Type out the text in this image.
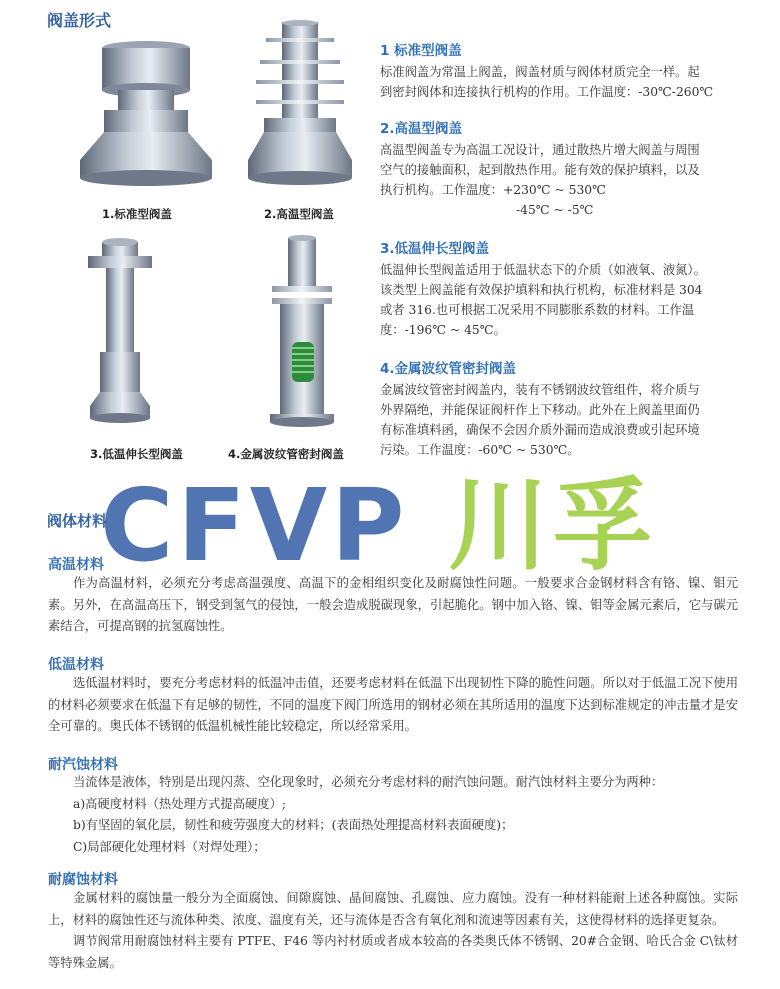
阀盖形式
1.标准型阀盖	2.高温型阀盖
3.低温伸长型阀盖	4.金属波纹管密封阀盖
1 标准型阀盖

标准阀盖为常温上阀盖，阀盖材质与阀体材质完全一样。起

到密封阀体和连接执行机构的作用。工作温度：-30℃-260℃

2.高温型阀盖

高温型阀盖专为高温工况设计，通过散热片增大阀盖与周围

空气的接触面积，起到散热作用。能有效的保护填料，以及

执行机构。工作温度：+230℃ ~ 530℃

-45℃ ~ -5℃

3.低温伸长型阀盖

低温伸长型阀盖适用于低温状态下的介质（如液氧、液氮）。

该类型上阀盖能有效保护填料和执行机构，标准材料是 304

或者 316.也可根据工况采用不同膨胀系数的材料。工作温

度：-196℃ ~ 45℃。

4.金属波纹管密封阀盖

金属波纹管密封阀盖内，装有不锈钢波纹管组件，将介质与

外界隔绝，并能保证阀杆作上下移动。此外在上阀盖里面仍

有标准填料函，确保不会因介质外漏而造成浪费或引起环境

污染。工作温度：-60℃ ~ 530℃。

CFVP 川孚
阀体材料
高温材料

作为高温材料，必须充分考虑高温强度、高温下的金相组织变化及耐腐蚀性问题。一般要求合金钢材料含有铬、镍、钼元素。另外，在高温高压下，钢受到氢气的侵蚀，一般会造成脱碳现象，引起脆化。钢中加入铬、镍、钼等金属元素后，它与碳元素结合，可提高钢的抗氢腐蚀性。

低温材料

选低温材料时，要充分考虑材料的低温冲击值，还要考虑材料在低温下出现韧性下降的脆性问题。所以对于低温工况下使用的材料必须要求在低温下有足够的韧性，不同的温度下阀门所选用的钢材必须在其所适用的温度下达到标准规定的冲击量才是安全可靠的。奥氏体不锈钢的低温机械性能比较稳定，所以经常采用。

耐汽蚀材料

当流体是液体，特别是出现闪蒸、空化现象时，必须充分考虑材料的耐汽蚀问题。耐汽蚀材料主要分为两种：

a)高硬度材料（热处理方式提高硬度）;

b)有坚固的氧化层，韧性和疲劳强度大的材料；(表面热处理提高材料表面硬度)；

C)局部硬化处理材料（对焊处理）；

耐腐蚀材料

金属材料的腐蚀量一般分为全面腐蚀、间隙腐蚀、晶间腐蚀、孔腐蚀、应力腐蚀。没有一种材料能耐上述各种腐蚀。实际上，材料的腐蚀性还与流体种类、浓度、温度有关，还与流体是否含有氧化剂和流速等因素有关，这使得材料的选择更复杂。

调节阀常用耐腐蚀材料主要有 PTFE、F46 等内衬材质或者成本较高的各类奥氏体不锈钢、20#合金钢、哈氏合金 C\钛材等特殊金属。
